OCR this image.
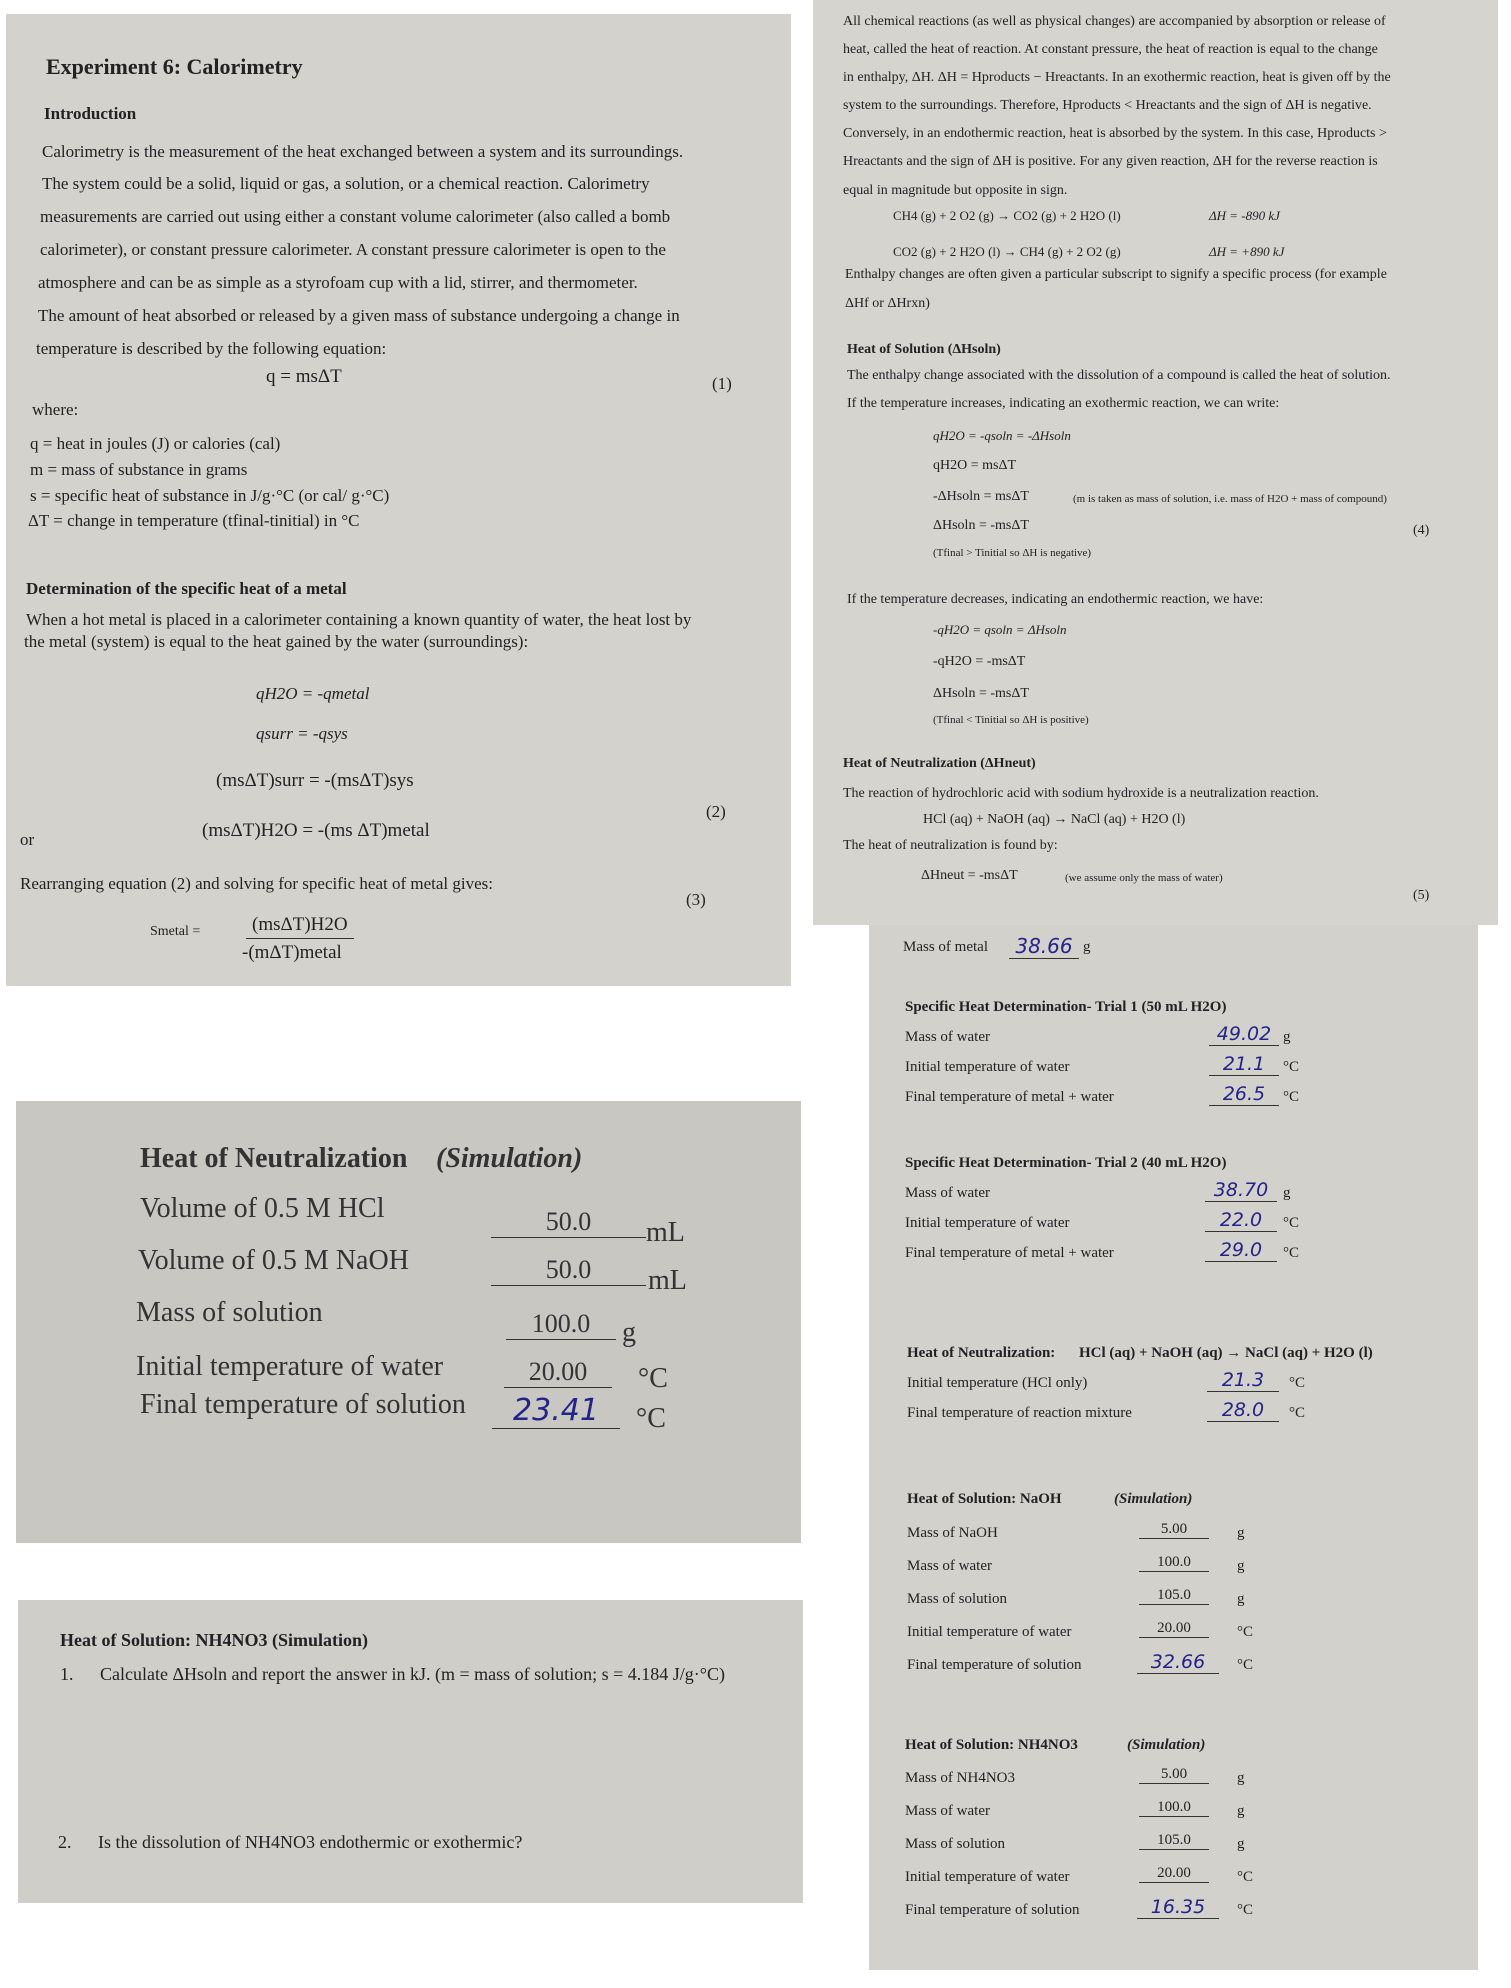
Experiment 6: Calorimetry
Introduction
Calorimetry is the measurement of the heat exchanged between a system and its surroundings.
The system could be a solid, liquid or gas, a solution, or a chemical reaction. Calorimetry
measurements are carried out using either a constant volume calorimeter (also called a bomb
calorimeter), or constant pressure calorimeter. A constant pressure calorimeter is open to the
atmosphere and can be as simple as a styrofoam cup with a lid, stirrer, and thermometer.
The amount of heat absorbed or released by a given mass of substance undergoing a change in
temperature is described by the following equation:
q = msΔT	(1)
where:
q = heat in joules (J) or calories (cal)
m = mass of substance in grams
s = specific heat of substance in J/g·°C (or cal/ g·°C)
ΔT = change in temperature (tfinal-tinitial) in °C
Determination of the specific heat of a metal
When a hot metal is placed in a calorimeter containing a known quantity of water, the heat lost by
the metal (system) is equal to the heat gained by the water (surroundings):
qH2O = -qmetal
qsurr = -qsys
(msΔT)surr = -(msΔT)sys
(2)
(msΔT)H2O = -(ms ΔT)metal
or
Rearranging equation (2) and solving for specific heat of metal gives:
(3)
Smetal =	(msΔT)H2O
-(mΔT)metal
All chemical reactions (as well as physical changes) are accompanied by absorption or release of
heat, called the heat of reaction. At constant pressure, the heat of reaction is equal to the change
in enthalpy, ΔH. ΔH = Hproducts − Hreactants. In an exothermic reaction, heat is given off by the
system to the surroundings. Therefore, Hproducts < Hreactants and the sign of ΔH is negative.
Conversely, in an endothermic reaction, heat is absorbed by the system. In this case, Hproducts >
Hreactants and the sign of ΔH is positive. For any given reaction, ΔH for the reverse reaction is
equal in magnitude but opposite in sign.
CH4 (g) + 2 O2 (g) → CO2 (g) + 2 H2O (l)	ΔH = -890 kJ
CO2 (g) + 2 H2O (l) → CH4 (g) + 2 O2 (g)	ΔH = +890 kJ
Enthalpy changes are often given a particular subscript to signify a specific process (for example
ΔHf or ΔHrxn)
Heat of Solution (ΔHsoln)
The enthalpy change associated with the dissolution of a compound is called the heat of solution.
If the temperature increases, indicating an exothermic reaction, we can write:
qH2O = -qsoln = -ΔHsoln
qH2O = msΔT
-ΔHsoln = msΔT	(m is taken as mass of solution, i.e. mass of H2O + mass of compound)
ΔHsoln = -msΔT	(4)
(Tfinal > Tinitial so ΔH is negative)
If the temperature decreases, indicating an endothermic reaction, we have:
-qH2O = qsoln = ΔHsoln
-qH2O = -msΔT
ΔHsoln = -msΔT
(Tfinal < Tinitial so ΔH is positive)
Heat of Neutralization (ΔHneut)
The reaction of hydrochloric acid with sodium hydroxide is a neutralization reaction.
HCl (aq) + NaOH (aq) → NaCl (aq) + H2O (l)
The heat of neutralization is found by:
ΔHneut = -msΔT	(we assume only the mass of water)
(5)
Mass of metal	38.66 g
Specific Heat Determination- Trial 1 (50 mL H2O)
Mass of water	49.02 g
Initial temperature of water	21.1	°C
Final temperature of metal + water	26.5	°C
Specific Heat Determination- Trial 2 (40 mL H2O)
Mass of water	38.70 g
Initial temperature of water	22.0	°C
Final temperature of metal + water	29.0	°C
Heat of Neutralization: HCl (aq) + NaOH (aq) → NaCl (aq) + H2O (l)
Initial temperature (HCl only)	21.3	°C
Final temperature of reaction mixture	28.0	°C
Heat of Solution: NaOH	(Simulation)
Mass of NaOH	5.00	g
Mass of water	100.0	g
Mass of solution	105.0	g
Initial temperature of water	20.00	°C
Final temperature of solution	32.66	°C
Heat of Solution: NH4NO3	(Simulation)
Mass of NH4NO3	5.00	g
Mass of water	100.0	g
Mass of solution	105.0	g
Initial temperature of water	20.00	°C
Final temperature of solution	16.35	°C
Heat of Neutralization (Simulation)
Volume of 0.5 M HCl	50.0	mL
Volume of 0.5 M NaOH	50.0	mL
Mass of solution	100.0	g
Initial temperature of water	20.00	°C
Final temperature of solution	23.41	°C
Heat of Solution: NH4NO3 (Simulation)
1. Calculate ΔHsoln and report the answer in kJ. (m = mass of solution; s = 4.184 J/g·°C)
2. Is the dissolution of NH4NO3 endothermic or exothermic?
